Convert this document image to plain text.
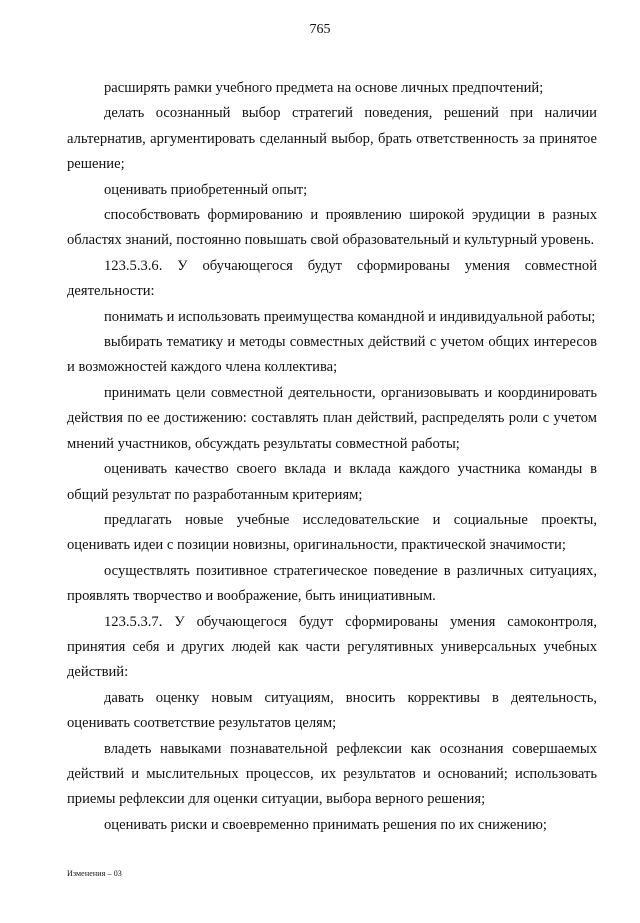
765

расширять рамки учебного предмета на основе личных предпочтений;

делать осознанный выбор стратегий поведения, решений при наличии альтернатив, аргументировать сделанный выбор, брать ответственность за принятое решение;

оценивать приобретенный опыт;

способствовать формированию и проявлению широкой эрудиции в разных областях знаний, постоянно повышать свой образовательный и культурный уровень.

123.5.3.6. У обучающегося будут сформированы умения совместной деятельности:

понимать и использовать преимущества командной и индивидуальной работы;

выбирать тематику и методы совместных действий с учетом общих интересов и возможностей каждого члена коллектива;

принимать цели совместной деятельности, организовывать и координировать действия по ее достижению: составлять план действий, распределять роли с учетом мнений участников, обсуждать результаты совместной работы;

оценивать качество своего вклада и вклада каждого участника команды в общий результат по разработанным критериям;

предлагать новые учебные исследовательские и социальные проекты, оценивать идеи с позиции новизны, оригинальности, практической значимости;

осуществлять позитивное стратегическое поведение в различных ситуациях, проявлять творчество и воображение, быть инициативным.

123.5.3.7. У обучающегося будут сформированы умения самоконтроля, принятия себя и других людей как части регулятивных универсальных учебных действий:

давать оценку новым ситуациям, вносить коррективы в деятельность, оценивать соответствие результатов целям;

владеть навыками познавательной рефлексии как осознания совершаемых действий и мыслительных процессов, их результатов и оснований; использовать приемы рефлексии для оценки ситуации, выбора верного решения;

оценивать риски и своевременно принимать решения по их снижению;

Изменения – 03
